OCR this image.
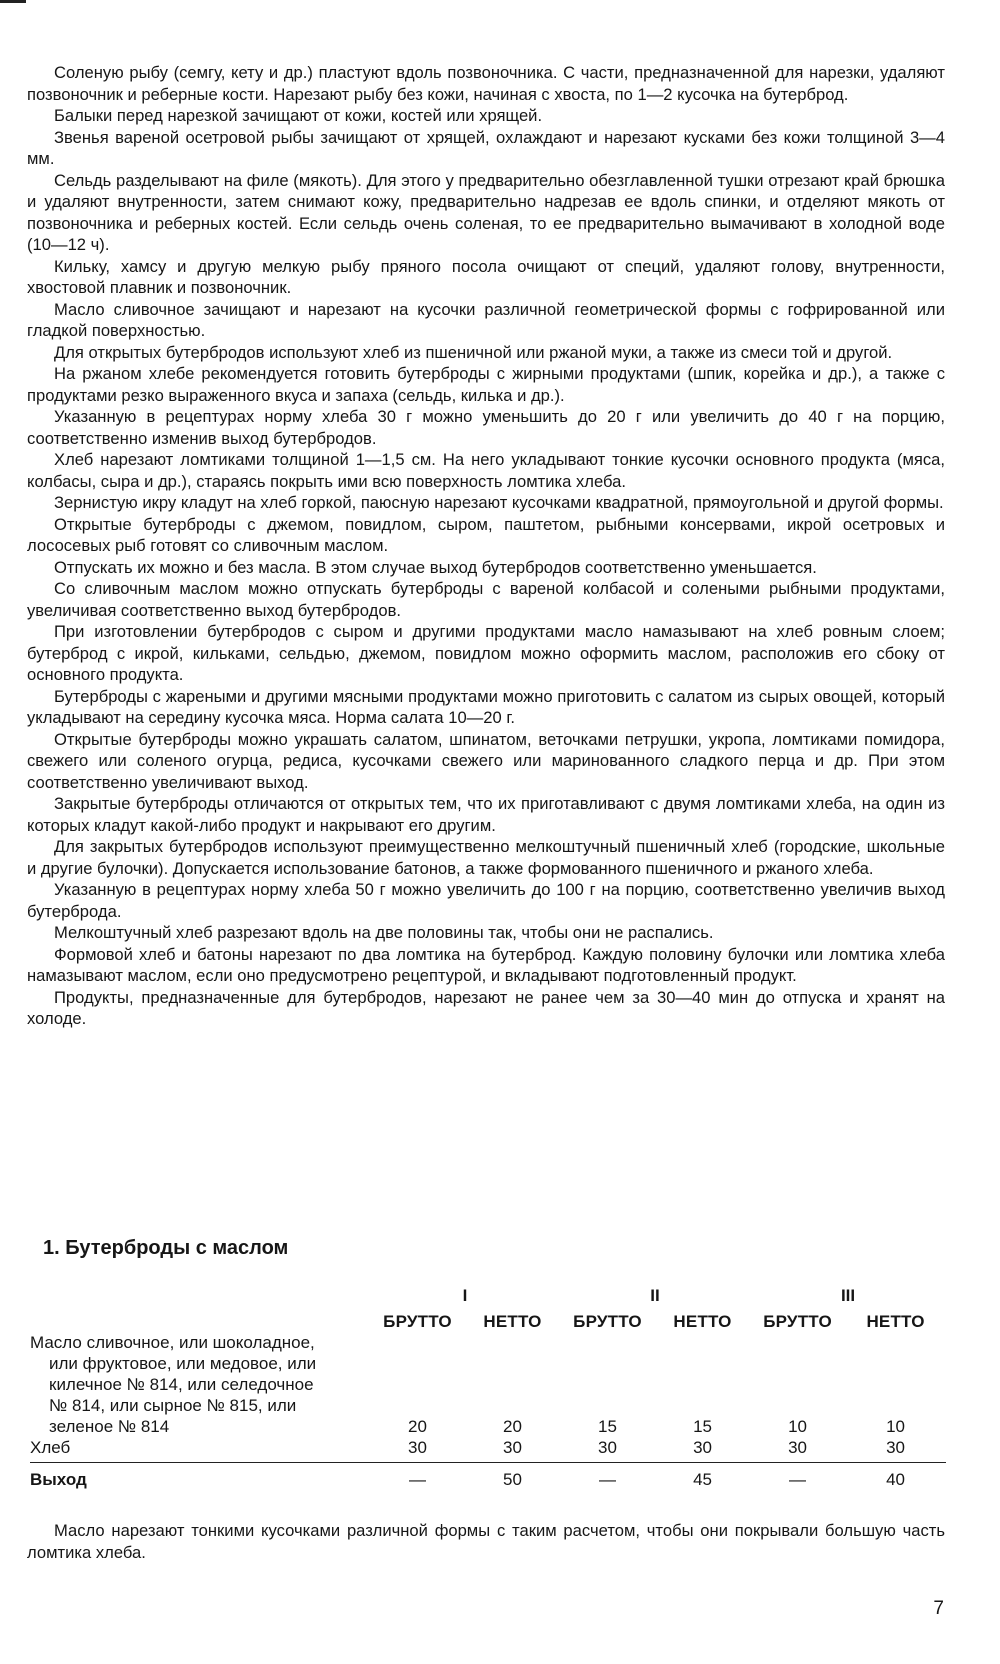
Соленую рыбу (семгу, кету и др.) пластуют вдоль позвоночника. С части, предназначенной для нарезки, удаляют позвоночник и реберные кости. Нарезают рыбу без кожи, начиная с хвоста, по 1—2 кусочка на бутерброд.

Балыки перед нарезкой зачищают от кожи, костей или хрящей.

Звенья вареной осетровой рыбы зачищают от хрящей, охлаждают и нарезают кусками без кожи толщиной 3—4 мм.

Сельдь разделывают на филе (мякоть). Для этого у предварительно обезглавленной тушки отрезают край брюшка и удаляют внутренности, затем снимают кожу, предварительно надрезав ее вдоль спинки, и отделяют мякоть от позвоночника и реберных костей. Если сельдь очень соленая, то ее предварительно вымачивают в холодной воде (10—12 ч).

Кильку, хамсу и другую мелкую рыбу пряного посола очищают от специй, удаляют голову, внутренности, хвостовой плавник и позвоночник.

Масло сливочное зачищают и нарезают на кусочки различной геометрической формы с гофрированной или гладкой поверхностью.

Для открытых бутербродов используют хлеб из пшеничной или ржаной муки, а также из смеси той и другой.

На ржаном хлебе рекомендуется готовить бутерброды с жирными продуктами (шпик, корейка и др.), а также с продуктами резко выраженного вкуса и запаха (сельдь, килька и др.).

Указанную в рецептурах норму хлеба 30 г можно уменьшить до 20 г или увеличить до 40 г на порцию, соответственно изменив выход бутербродов.

Хлеб нарезают ломтиками толщиной 1—1,5 см. На него укладывают тонкие кусочки основного продукта (мяса, колбасы, сыра и др.), стараясь покрыть ими всю поверхность ломтика хлеба.

Зернистую икру кладут на хлеб горкой, паюсную нарезают кусочками квадратной, прямоугольной и другой формы.

Открытые бутерброды с джемом, повидлом, сыром, паштетом, рыбными консервами, икрой осетровых и лососевых рыб готовят со сливочным маслом.

Отпускать их можно и без масла. В этом случае выход бутербродов соответственно уменьшается.

Со сливочным маслом можно отпускать бутерброды с вареной колбасой и солеными рыбными продуктами, увеличивая соответственно выход бутербродов.

При изготовлении бутербродов с сыром и другими продуктами масло намазывают на хлеб ровным слоем; бутерброд с икрой, кильками, сельдью, джемом, повидлом можно оформить маслом, расположив его сбоку от основного продукта.

Бутерброды с жареными и другими мясными продуктами можно приготовить с салатом из сырых овощей, который укладывают на середину кусочка мяса. Норма салата 10—20 г.

Открытые бутерброды можно украшать салатом, шпинатом, веточками петрушки, укропа, ломтиками помидора, свежего или соленого огурца, редиса, кусочками свежего или маринованного сладкого перца и др. При этом соответственно увеличивают выход.

Закрытые бутерброды отличаются от открытых тем, что их приготавливают с двумя ломтиками хлеба, на один из которых кладут какой-либо продукт и накрывают его другим.

Для закрытых бутербродов используют преимущественно мелкоштучный пшеничный хлеб (городские, школьные и другие булочки). Допускается использование батонов, а также формованного пшеничного и ржаного хлеба.

Указанную в рецептурах норму хлеба 50 г можно увеличить до 100 г на порцию, соответственно увеличив выход бутерброда.

Мелкоштучный хлеб разрезают вдоль на две половины так, чтобы они не распались.

Формовой хлеб и батоны нарезают по два ломтика на бутерброд. Каждую половину булочки или ломтика хлеба намазывают маслом, если оно предусмотрено рецептурой, и вкладывают подготовленный продукт.

Продукты, предназначенные для бутербродов, нарезают не ранее чем за 30—40 мин до отпуска и хранят на холоде.

1. Бутерброды с маслом
	I		II		III	
	БРУТТО	НЕТТО	БРУТТО	НЕТТО	БРУТТО	НЕТТО

Масло сливочное, или шоколадное,
или фруктовое, или медовое, или
килечное № 814, или селедочное
№ 814, или сырное № 815, или
зеленое № 814	20	20	15	15	10	10

Хлеб	30	30	30	30	30	30
Выход	—	50	—	45	—	40

Масло нарезают тонкими кусочками различной формы с таким расчетом, чтобы они покрывали большую часть ломтика хлеба.

7
